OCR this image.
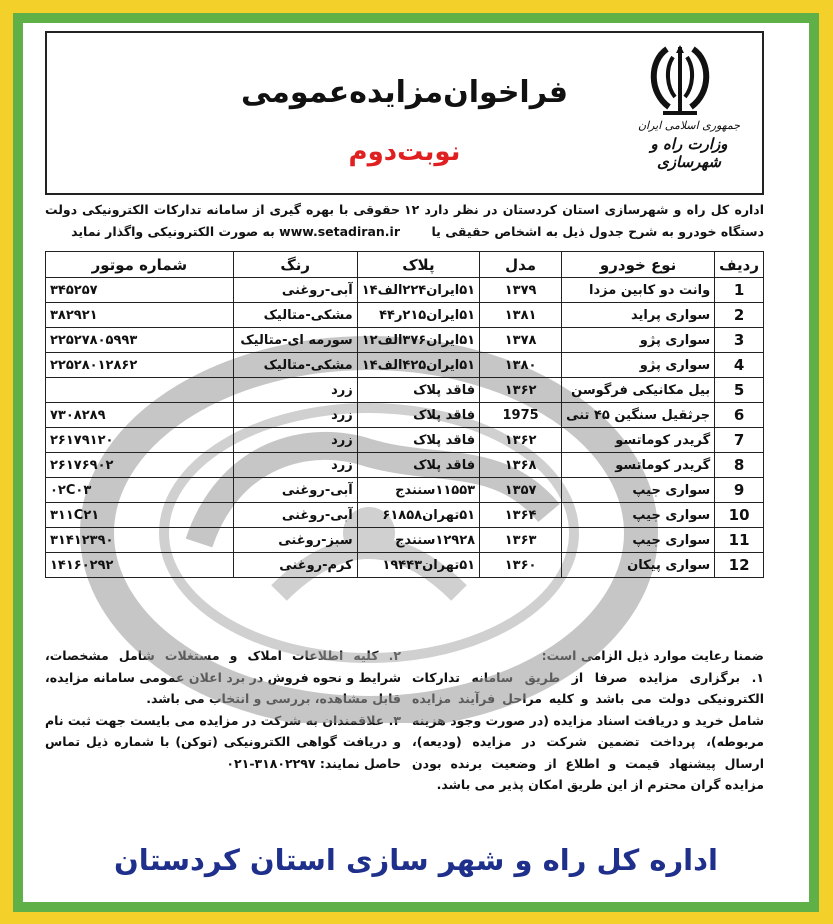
جمهوری اسلامی ایران
وزارت راه و شهرسازی
فراخوان‌مزایده‌عمومی
نوبت‌دوم
اداره کل راه و شهرسازی استان کردستان در نظر دارد ۱۲ دستگاه خودرو به شرح جدول ذیل به اشخاص حقیقی یا
حقوقی با بهره گیری از سامانه تدارکات الکترونیکی دولت www.setadiran.ir به صورت الکترونیکی واگذار نماید
ردیف	نوع خودرو	مدل	پلاک	رنگ	شماره موتور
1	وانت دو کابین مزدا	۱۳۷۹	۵۱ایران۲۲۴الف۱۴	آبی-روغنی	۳۴۵۲۵۷
2	سواری پراید	۱۳۸۱	۵۱ایران۲۱۵ر۴۴	مشکی-متالیک	۳۸۲۹۲۱
3	سواری پژو	۱۳۷۸	۵۱ایران۳۷۶الف۱۲	سورمه ای-متالیک	۲۲۵۲۷۸۰۵۹۹۳
4	سواری پژو	۱۳۸۰	۵۱ایران۴۲۵الف۱۴	مشکی-متالیک	۲۲۵۲۸۰۱۲۸۶۲
5	بیل مکانیکی فرگوسن	۱۳۶۲	فاقد پلاک	زرد	
6	جرثقیل سنگین ۴۵ تنی	1975	فاقد پلاک	زرد	۷۳۰۸۲۸۹
7	گریدر کوماتسو	۱۳۶۲	فاقد پلاک	زرد	۲۶۱۷۹۱۲۰
8	گریدر کوماتسو	۱۳۶۸	فاقد پلاک	زرد	۲۶۱۷۶۹۰۲
9	سواری جیپ	۱۳۵۷	۱۱۵۵۳سنندج	آبی-روغنی	۰۲C۰۳
10	سواری جیپ	۱۳۶۴	۵۱تهران۶۱۸۵۸	آبی-روغنی	۳۱۱C۲۱
11	سواری جیپ	۱۳۶۳	۱۲۹۲۸سنندج	سبز-روغنی	۳۱۴۱۲۳۹۰
12	سواری پیکان	۱۳۶۰	۵۱تهران۱۹۴۴۳	کرم-روغنی	۱۴۱۶۰۲۹۲

ضمنا رعایت موارد ذیل الزامی است:

۱. برگزاری مزایده صرفا از طریق سامانه تدارکات الکترونیکی دولت می باشد و کلیه مراحل فرآیند مزایده شامل خرید و دریافت اسناد مزایده (در صورت وجود هزینه مربوطه)، پرداخت تضمین شرکت در مزایده (ودیعه)، ارسال پیشنهاد قیمت و اطلاع از وضعیت برنده بودن مزایده گران محترم از این طریق امکان پذیر می باشد.

۲. کلیه اطلاعات املاک و مستغلات شامل مشخصات، شرایط و نحوه فروش در برد اعلان عمومی سامانه مزایده، قابل مشاهده، بررسی و انتخاب می باشد.

۳. علاقمندان به شرکت در مزایده می بایست جهت ثبت نام و دریافت گواهی الکترونیکی (توکن) با شماره ذیل تماس حاصل نمایند: ۳۱۸۰۲۲۹۷-۰۲۱

اداره کل راه و شهر سازی استان کردستان
